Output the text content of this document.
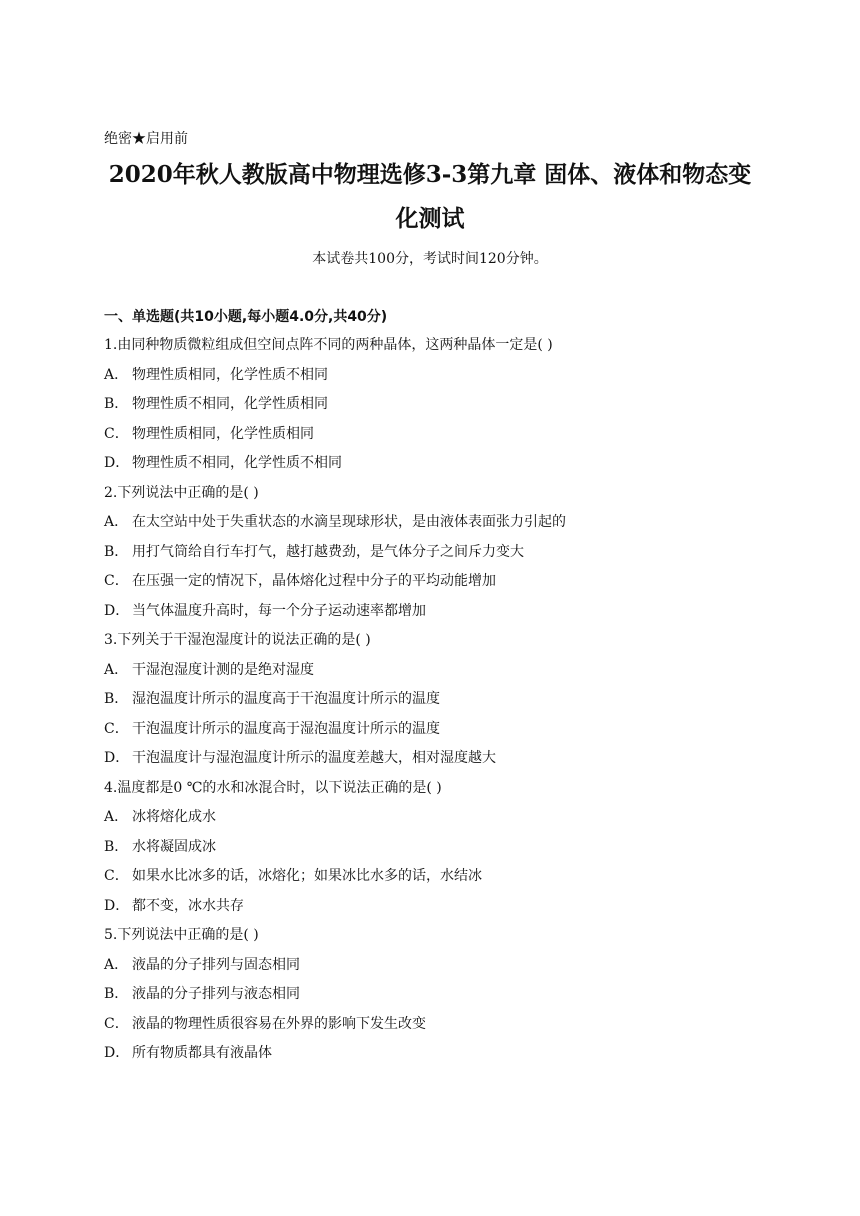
绝密★启用前
2020年秋人教版高中物理选修3-3第九章 固体、液体和物态变
化测试
本试卷共100分，考试时间120分钟。
一、单选题(共10小题,每小题4.0分,共40分)
1.由同种物质微粒组成但空间点阵不同的两种晶体，这两种晶体一定是( )
A． 物理性质相同，化学性质不相同
B． 物理性质不相同，化学性质相同
C． 物理性质相同，化学性质相同
D． 物理性质不相同，化学性质不相同
2.下列说法中正确的是( )
A． 在太空站中处于失重状态的水滴呈现球形状，是由液体表面张力引起的
B． 用打气筒给自行车打气，越打越费劲，是气体分子之间斥力变大
C． 在压强一定的情况下，晶体熔化过程中分子的平均动能增加
D． 当气体温度升高时，每一个分子运动速率都增加
3.下列关于干湿泡湿度计的说法正确的是( )
A． 干湿泡湿度计测的是绝对湿度
B． 湿泡温度计所示的温度高于干泡温度计所示的温度
C． 干泡温度计所示的温度高于湿泡温度计所示的温度
D． 干泡温度计与湿泡温度计所示的温度差越大，相对湿度越大
4.温度都是0 ℃的水和冰混合时，以下说法正确的是( )
A． 冰将熔化成水
B． 水将凝固成冰
C． 如果水比冰多的话，冰熔化；如果冰比水多的话，水结冰
D． 都不变，冰水共存
5.下列说法中正确的是( )
A． 液晶的分子排列与固态相同
B． 液晶的分子排列与液态相同
C． 液晶的物理性质很容易在外界的影响下发生改变
D． 所有物质都具有液晶体
